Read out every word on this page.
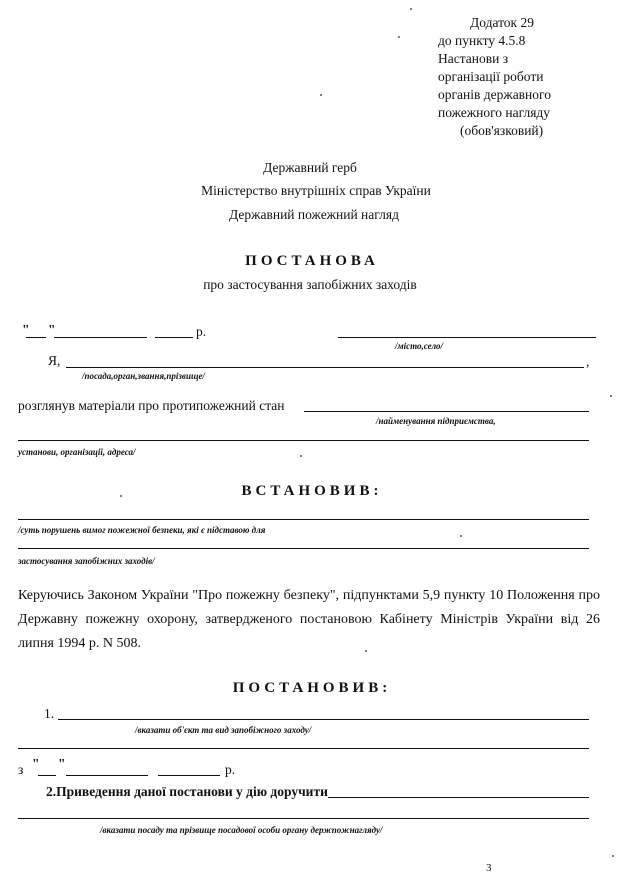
Додаток 29
до пункту 4.5.8
Настанови з
організації роботи
органів державного
пожежного нагляду
(обов'язковий)
Державний герб
Міністерство внутрішніх справ України
Державний пожежний нагляд
ПОСТАНОВА
про застосування запобіжних заходів
" "	р.
/місто,село/
Я,	,
/посада,орган,звання,прізвище/
розглянув матеріали про протипожежний стан
/найменування підприємства,
установи, організації, адреса/
ВСТАНОВИВ:
/суть порушень вимог пожежної безпеки, які є підставою для
застосування запобіжних заходів/
Керуючись Законом України "Про пожежну безпеку", підпунктами 5,9 пункту 10 Положення про Державну пожежну охорону, затвердженого постановою Кабінету Міністрів України від 26 липня 1994 р. N 508.
ПОСТАНОВИВ:
1.
/вказати об'єкт та вид запобіжного заходу/
з " "	р.
2.Приведення даної постанови у дію доручити
/вказати посаду та прізвище посадової особи органу держпожнагляду/
3
